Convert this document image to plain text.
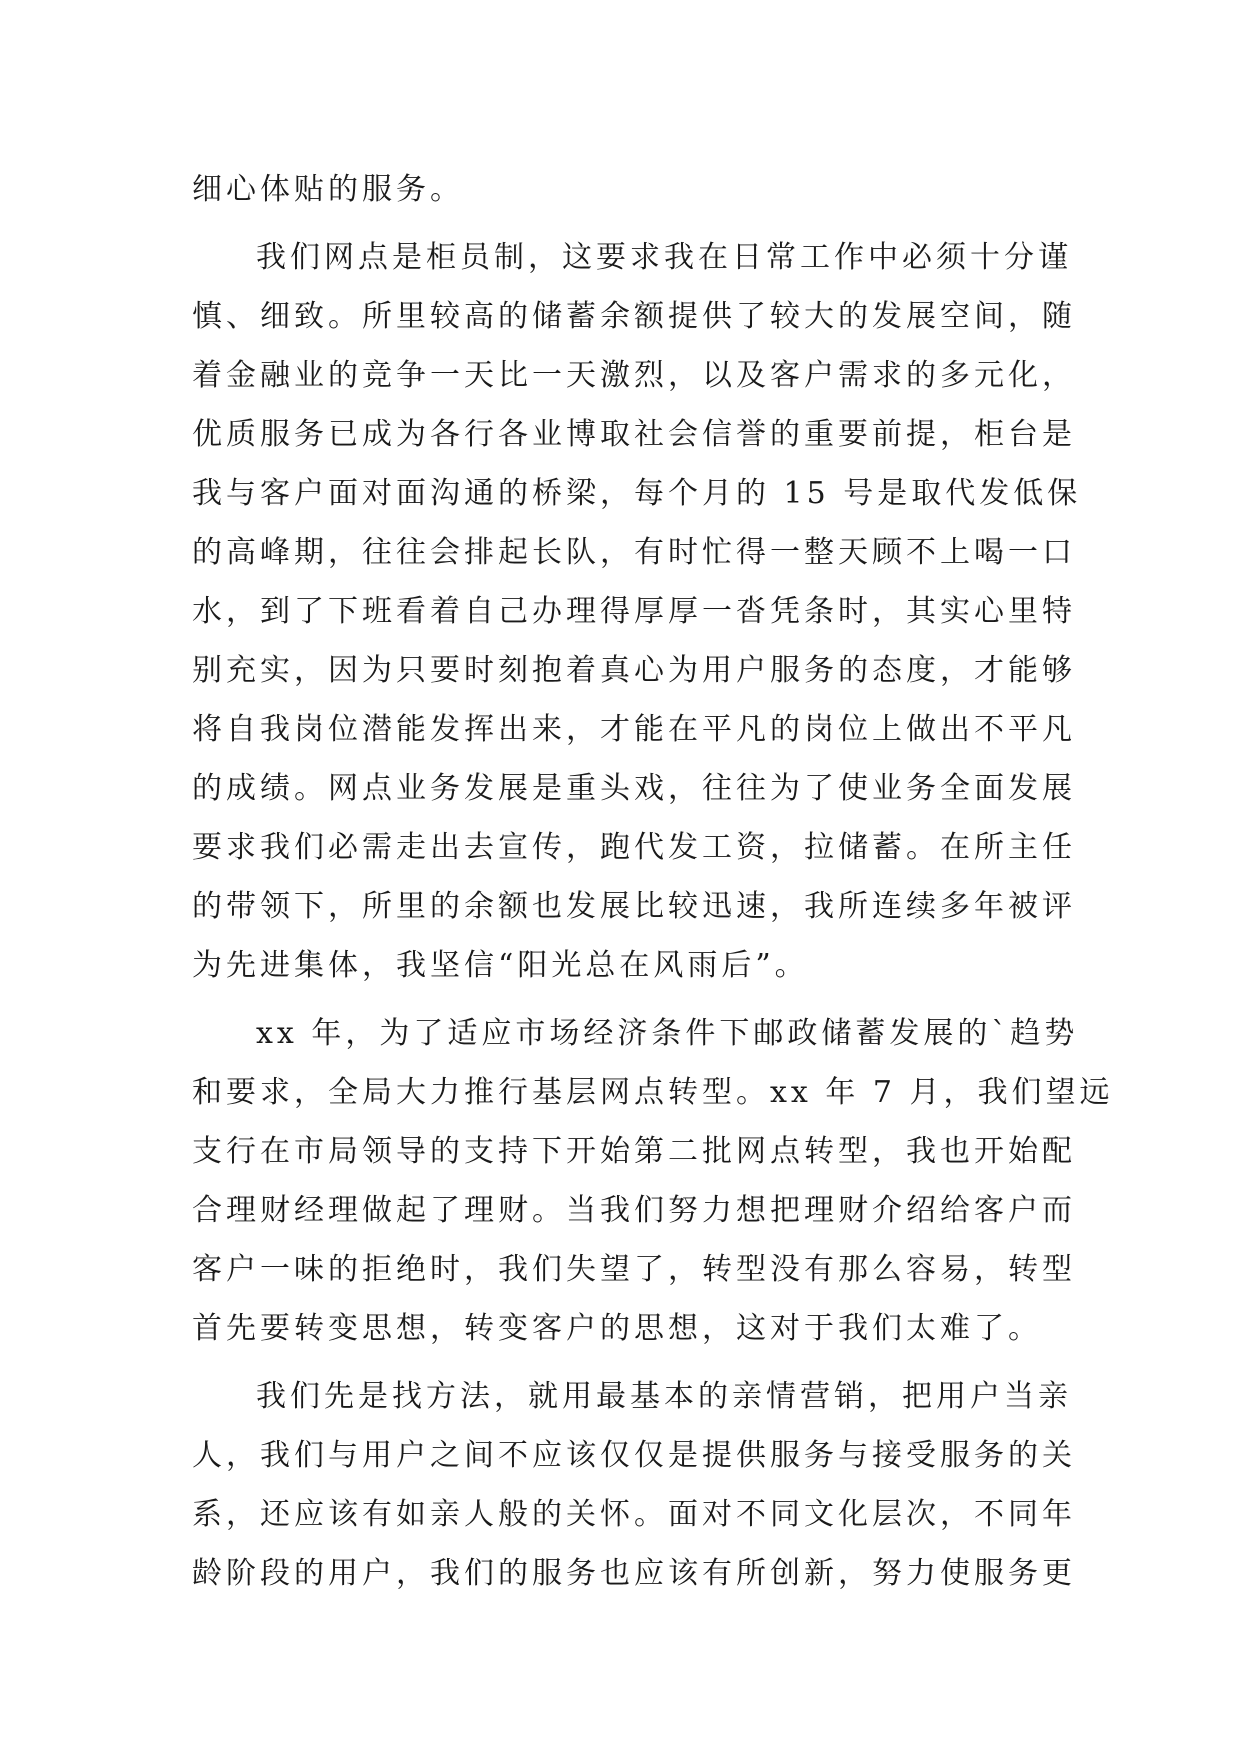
细心体贴的服务。
我们网点是柜员制，这要求我在日常工作中必须十分谨
慎、细致。所里较高的储蓄余额提供了较大的发展空间，随
着金融业的竞争一天比一天激烈，以及客户需求的多元化，
优质服务已成为各行各业博取社会信誉的重要前提，柜台是
我与客户面对面沟通的桥梁，每个月的 15 号是取代发低保
的高峰期，往往会排起长队，有时忙得一整天顾不上喝一口
水，到了下班看着自己办理得厚厚一沓凭条时，其实心里特
别充实，因为只要时刻抱着真心为用户服务的态度，才能够
将自我岗位潜能发挥出来，才能在平凡的岗位上做出不平凡
的成绩。网点业务发展是重头戏，往往为了使业务全面发展
要求我们必需走出去宣传，跑代发工资，拉储蓄。在所主任
的带领下，所里的余额也发展比较迅速，我所连续多年被评
为先进集体，我坚信“阳光总在风雨后”。
xx 年，为了适应市场经济条件下邮政储蓄发展的`趋势
和要求，全局大力推行基层网点转型。xx 年 7 月，我们望远
支行在市局领导的支持下开始第二批网点转型，我也开始配
合理财经理做起了理财。当我们努力想把理财介绍给客户而
客户一味的拒绝时，我们失望了，转型没有那么容易，转型
首先要转变思想，转变客户的思想，这对于我们太难了。
我们先是找方法，就用最基本的亲情营销，把用户当亲
人，我们与用户之间不应该仅仅是提供服务与接受服务的关
系，还应该有如亲人般的关怀。面对不同文化层次，不同年
龄阶段的用户，我们的服务也应该有所创新，努力使服务更
